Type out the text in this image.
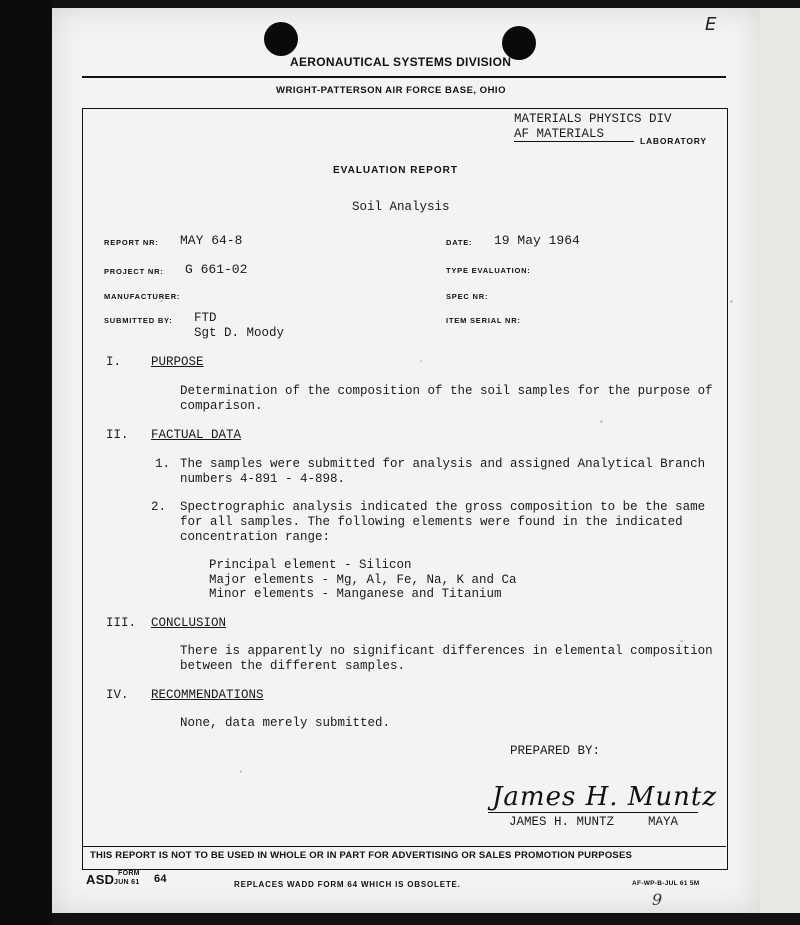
E
AERONAUTICAL SYSTEMS DIVISION
WRIGHT-PATTERSON AIR FORCE BASE, OHIO
MATERIALS PHYSICS DIV
AF MATERIALS	LABORATORY
EVALUATION REPORT
Soil Analysis
REPORT NR: MAY 64-8	DATE: 19 May 1964
PROJECT NR: G 661-02	TYPE EVALUATION:
MANUFACTURER:	SPEC NR:
SUBMITTED BY: FTD
Sgt D. Moody
ITEM SERIAL NR:
I. PURPOSE
Determination of the composition of the soil samples for the purpose of
comparison.
II. FACTUAL DATA
1. The samples were submitted for analysis and assigned Analytical Branch
numbers 4-891 - 4-898.
2. Spectrographic analysis indicated the gross composition to be the same
for all samples. The following elements were found in the indicated
concentration range:
Principal element - Silicon
Major elements - Mg, Al, Fe, Na, K and Ca
Minor elements - Manganese and Titanium
III. CONCLUSION
There is apparently no significant differences in elemental composition
between the different samples.
IV. RECOMMENDATIONS
None, data merely submitted.
PREPARED BY:
James H. Muntz
JAMES H. MUNTZ	MAYA
THIS REPORT IS NOT TO BE USED IN WHOLE OR IN PART FOR ADVERTISING OR SALES PROMOTION PURPOSES
ASD FORM
JUN 61 64	REPLACES WADD FORM 64 WHICH IS OBSOLETE.	AF-WP-B-JUL 61 5M
9
